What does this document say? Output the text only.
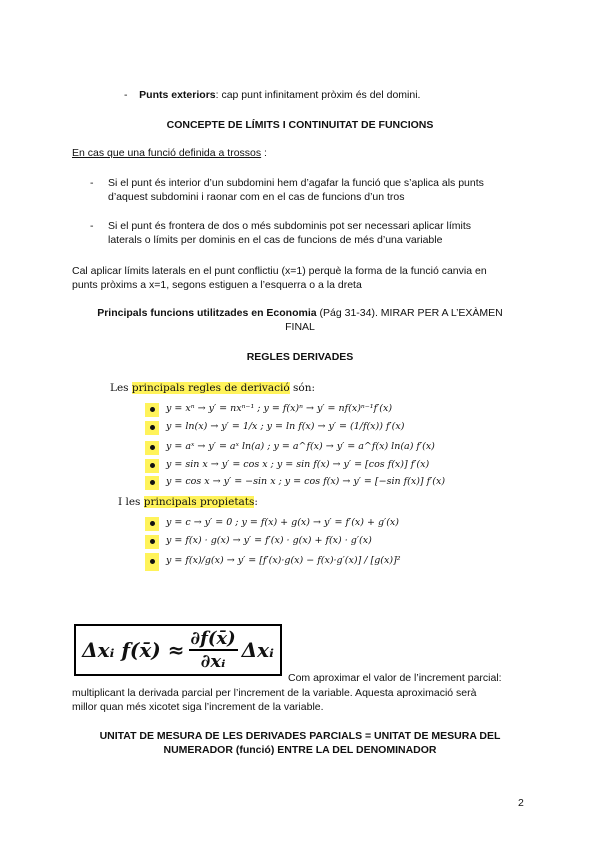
- Punts exteriors: cap punt infinitament pròxim és del domini.
CONCEPTE DE LÍMITS I CONTINUITAT DE FUNCIONS
En cas que una funció definida a trossos :
- Si el punt és interior d’un subdomini hem d’agafar la funció que s’aplica als punts
d’aquest subdomini i raonar com en el cas de funcions d’un tros
- Si el punt és frontera de dos o més subdominis pot ser necessari aplicar límits
laterals o límits per dominis en el cas de funcions de més d’una variable
Cal aplicar límits laterals en el punt conflictiu (x=1) perquè la forma de la funció canvia en
punts pròxims a x=1, segons estiguen a l’esquerra o a la dreta
Principals funcions utilitzades en Economia (Pág 31-34). MIRAR PER A L’EXÀMEN
FINAL
REGLES DERIVADES
Les principals regles de derivació són:
y = xⁿ → y′ = nxⁿ⁻¹ ; y = f(x)ⁿ → y′ = nf(x)ⁿ⁻¹f′(x)
y = ln(x) → y′ = 1/x ; y = ln f(x) → y′ = (1/f(x)) f′(x)
y = aˣ → y′ = aˣ ln(a) ; y = a^f(x) → y′ = a^f(x) ln(a) f′(x)
y = sin x → y′ = cos x ; y = sin f(x) → y′ = [cos f(x)] f′(x)
y = cos x → y′ = −sin x ; y = cos f(x) → y′ = [−sin f(x)] f′(x)
I les principals propietats:
y = c → y′ = 0 ; y = f(x) + g(x) → y′ = f′(x) + g′(x)
y = f(x) · g(x) → y′ = f′(x) · g(x) + f(x) · g′(x)
y = f(x)/g(x) → y′ = [f′(x)·g(x) − f(x)·g′(x)] / [g(x)]²
Δxᵢ f(x̄) ≈ $\frac{\partial f(x̄)}{\text{∂xᵢ}}$ Δxᵢ
Com aproximar el valor de l’increment parcial:
multiplicant la derivada parcial per l’increment de la variable. Aquesta aproximació serà
millor quan més xicotet siga l’increment de la variable.
UNITAT DE MESURA DE LES DERIVADES PARCIALS = UNITAT DE MESURA DEL
NUMERADOR (funció) ENTRE LA DEL DENOMINADOR
2
